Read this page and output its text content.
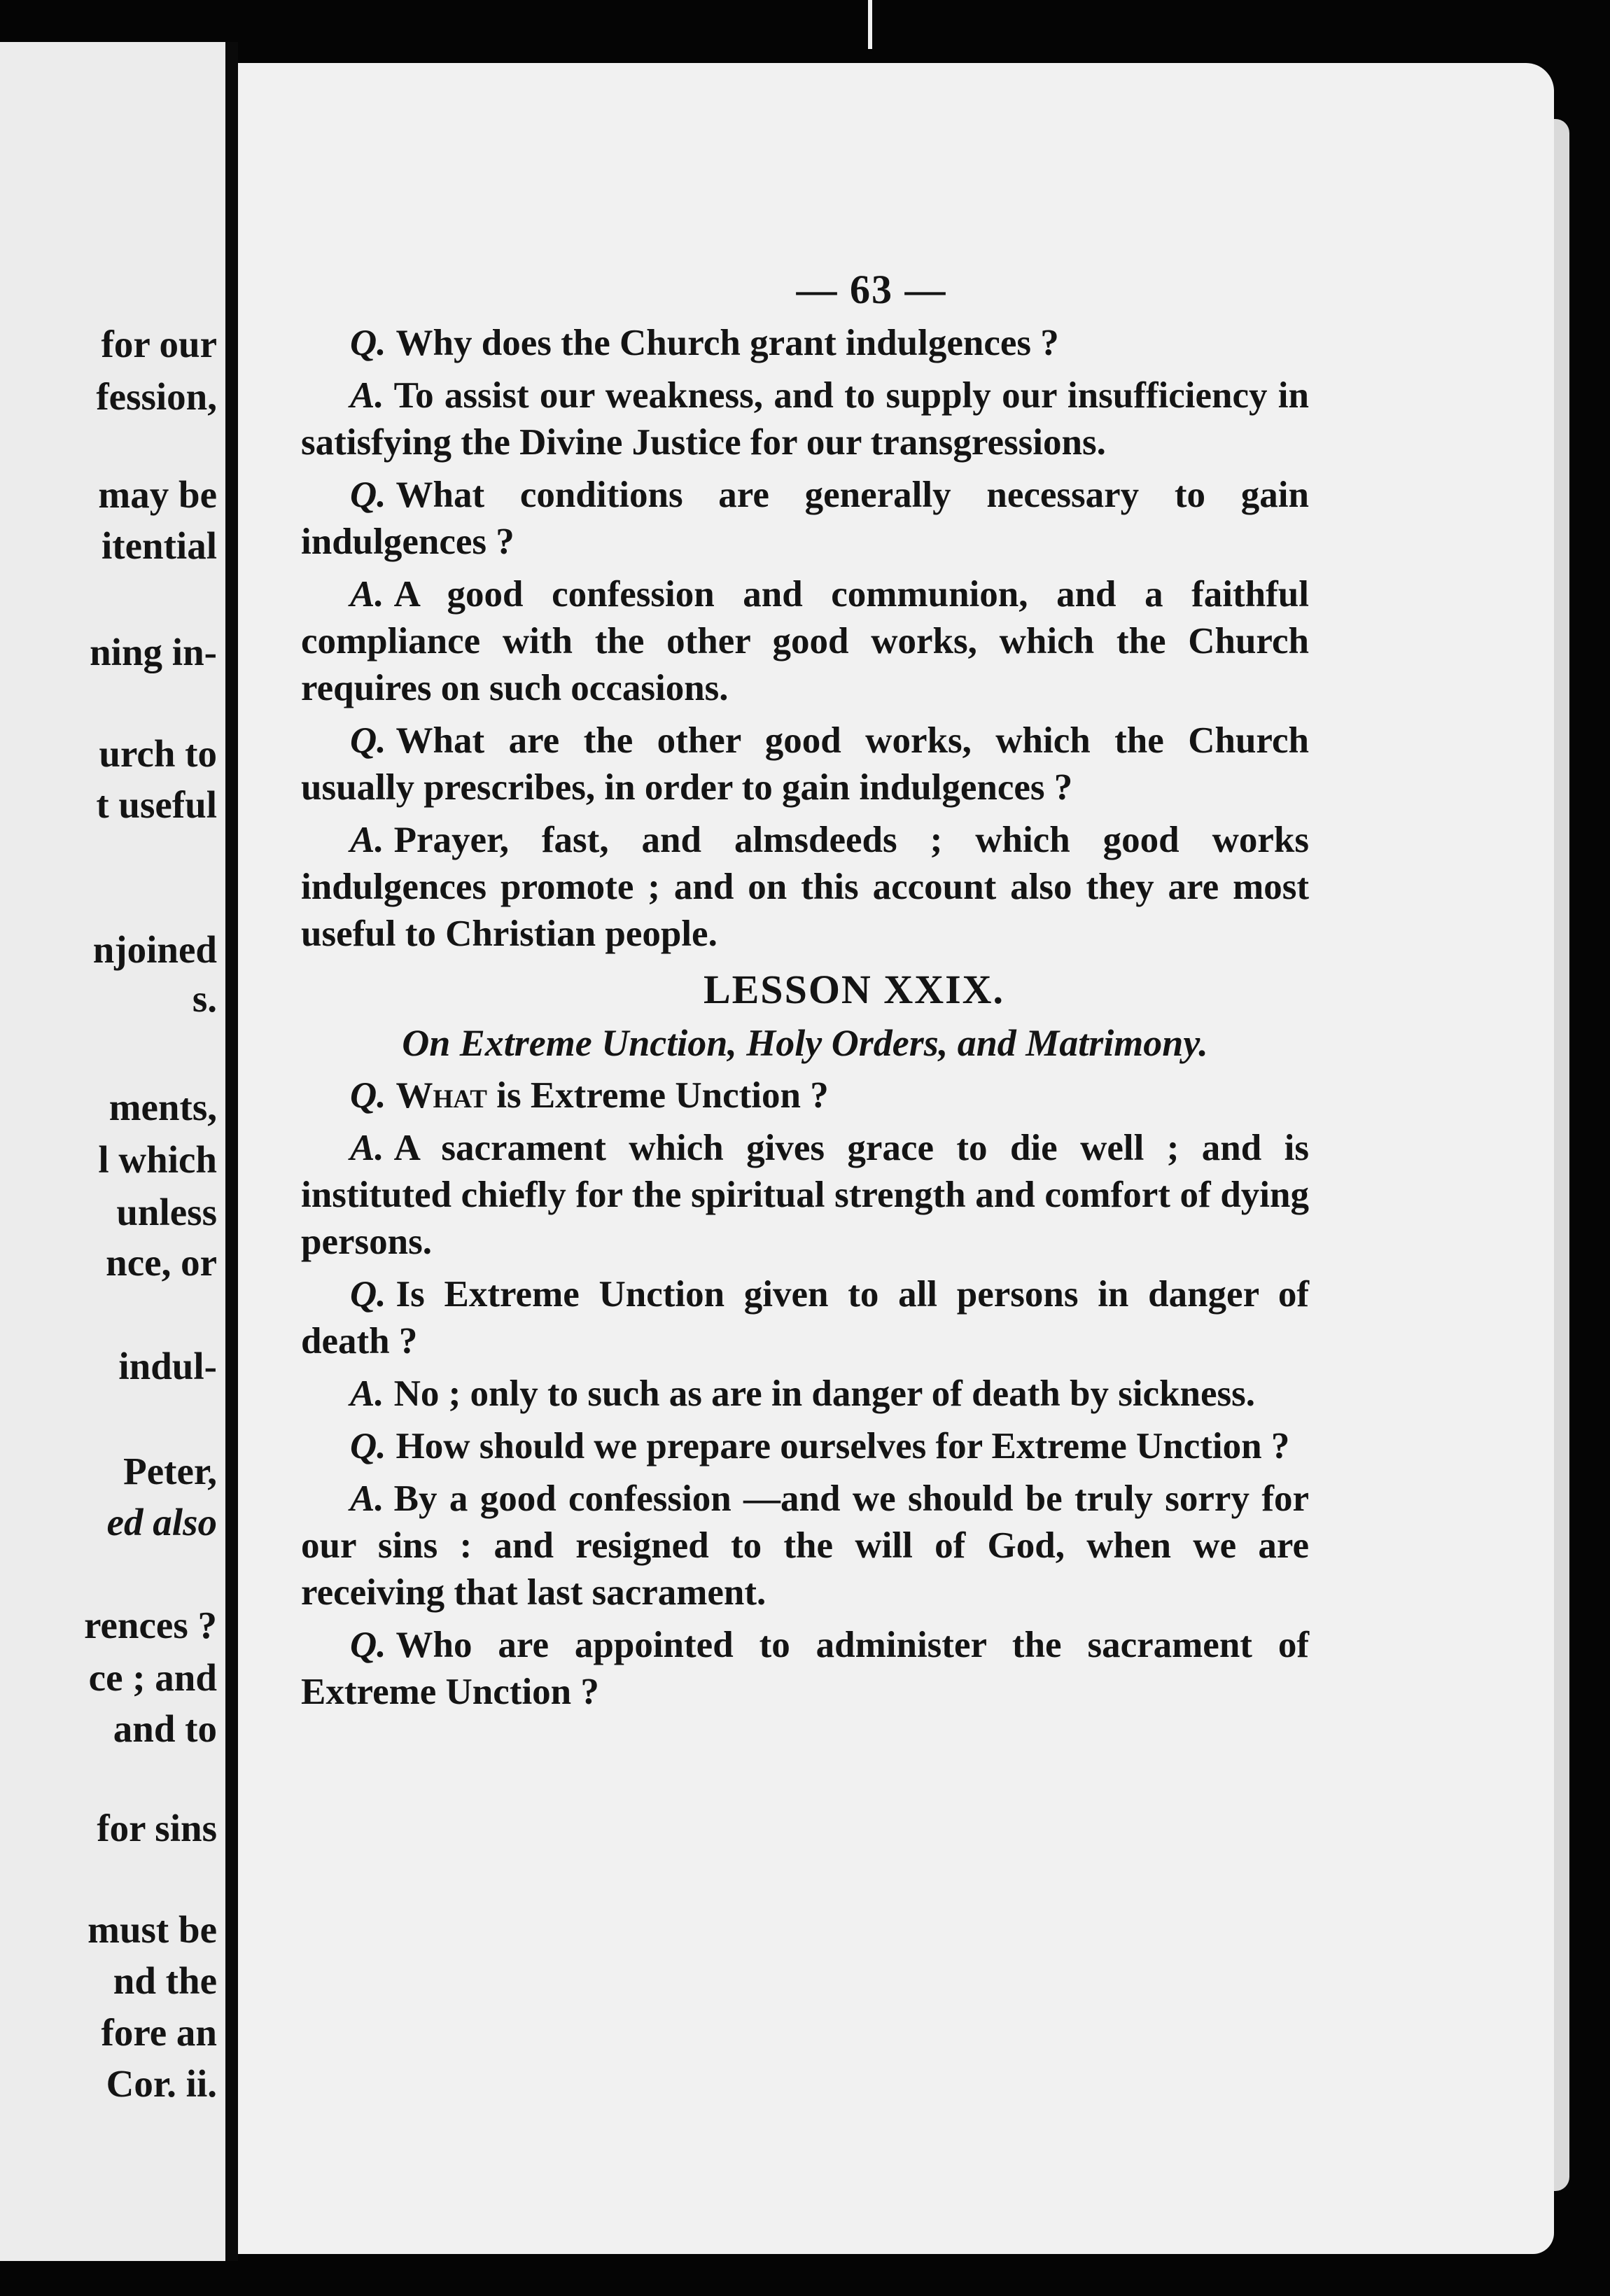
for our
fession,
may be
itential
ning in-
urch to
t useful
njoined
s.
ments,
l which
unless
nce, or
indul-
Peter,
ed also
rences ?
ce ; and
and to
for sins
must be
nd the
fore an
Cor. ii.
— 63 —

Q. Why does the Church grant indulgences ?

A. To assist our weakness, and to supply our insufficiency in satisfying the Divine Justice for our transgressions.

Q. What conditions are generally necessary to gain indulgences ?

A. A good confession and communion, and a faithful compliance with the other good works, which the Church requires on such occasions.

Q. What are the other good works, which the Church usually prescribes, in order to gain indulgences ?

A. Prayer, fast, and almsdeeds ; which good works indulgences promote ; and on this account also they are most useful to Christian people.

LESSON XXIX.
On Extreme Unction, Holy Orders, and Matrimony.

Q. What is Extreme Unction ?

A. A sacrament which gives grace to die well ; and is instituted chiefly for the spiritual strength and comfort of dying persons.

Q. Is Extreme Unction given to all persons in danger of death ?

A. No ; only to such as are in danger of death by sickness.

Q. How should we prepare ourselves for Extreme Unction ?

A. By a good confession —and we should be truly sorry for our sins : and resigned to the will of God, when we are receiving that last sacrament.

Q. Who are appointed to administer the sacrament of Extreme Unction ?
